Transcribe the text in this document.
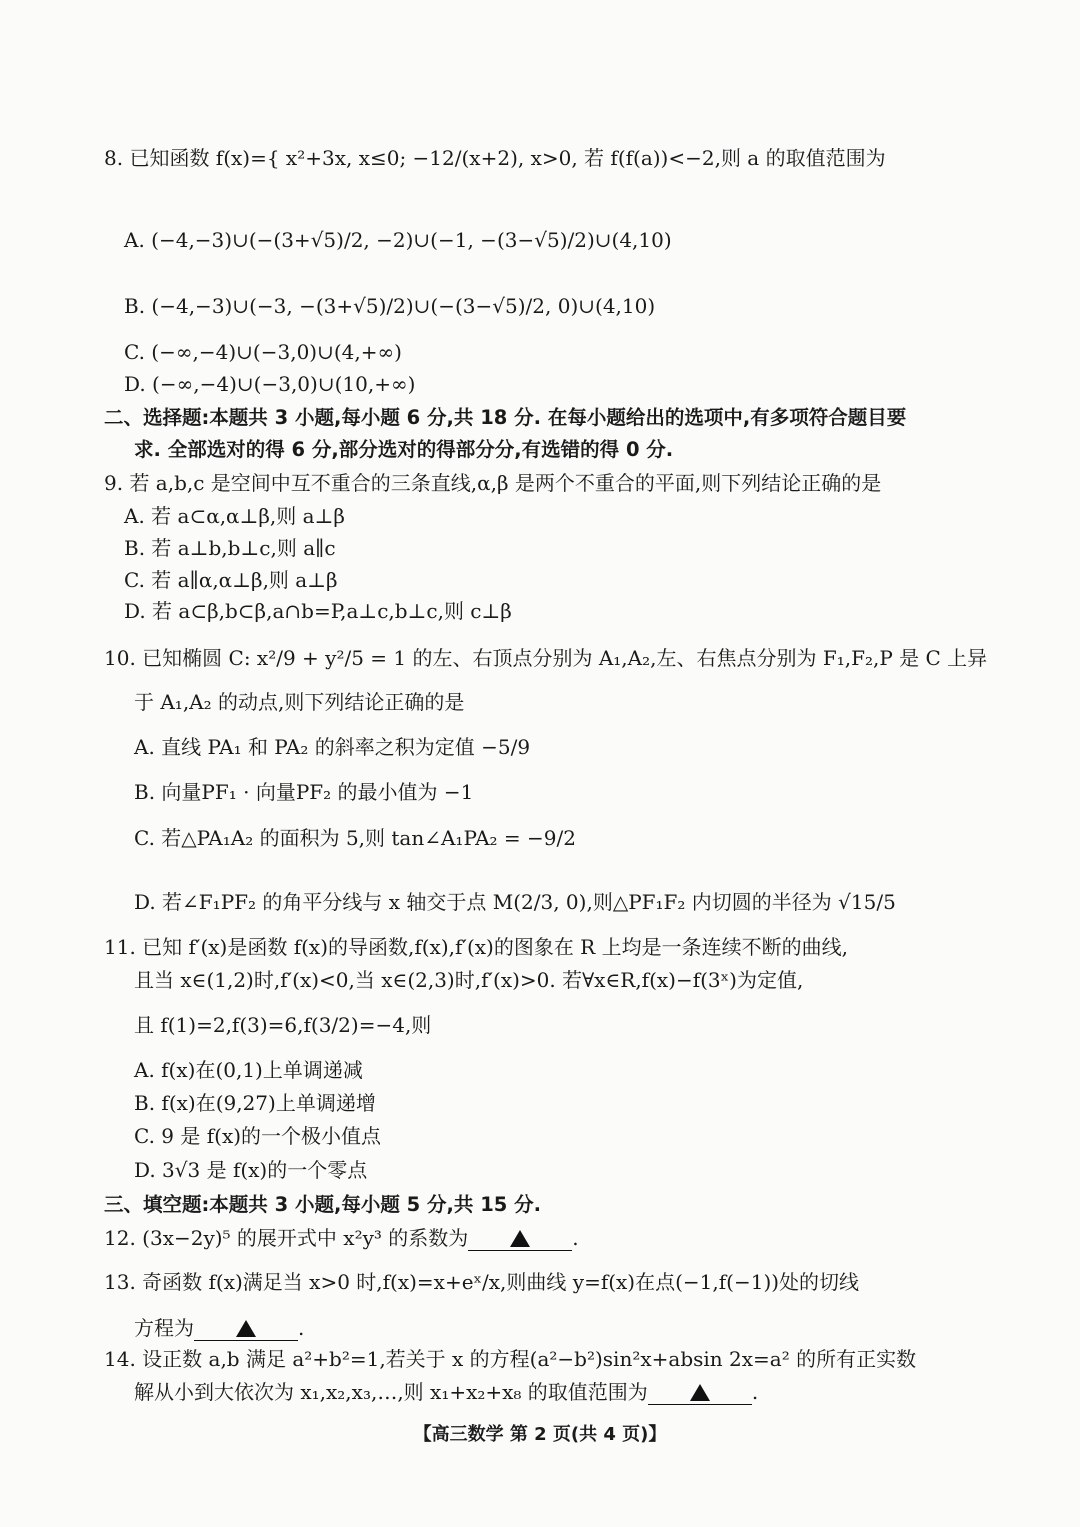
8. 已知函数 f(x)={ x²+3x, x≤0; −12/(x+2), x>0, 若 f(f(a))<−2,则 a 的取值范围为
A. (−4,−3)∪(−(3+√5)/2, −2)∪(−1, −(3−√5)/2)∪(4,10)
B. (−4,−3)∪(−3, −(3+√5)/2)∪(−(3−√5)/2, 0)∪(4,10)
C. (−∞,−4)∪(−3,0)∪(4,+∞)
D. (−∞,−4)∪(−3,0)∪(10,+∞)
二、选择题:本题共 3 小题,每小题 6 分,共 18 分. 在每小题给出的选项中,有多项符合题目要
求. 全部选对的得 6 分,部分选对的得部分分,有选错的得 0 分.
9. 若 a,b,c 是空间中互不重合的三条直线,α,β 是两个不重合的平面,则下列结论正确的是
A. 若 a⊂α,α⊥β,则 a⊥β
B. 若 a⊥b,b⊥c,则 a∥c
C. 若 a∥α,α⊥β,则 a⊥β
D. 若 a⊂β,b⊂β,a∩b=P,a⊥c,b⊥c,则 c⊥β
10. 已知椭圆 C: x²/9 + y²/5 = 1 的左、右顶点分别为 A₁,A₂,左、右焦点分别为 F₁,F₂,P 是 C 上异
于 A₁,A₂ 的动点,则下列结论正确的是
A. 直线 PA₁ 和 PA₂ 的斜率之积为定值 −5/9
B. 向量PF₁ · 向量PF₂ 的最小值为 −1
C. 若△PA₁A₂ 的面积为 5,则 tan∠A₁PA₂ = −9/2
D. 若∠F₁PF₂ 的角平分线与 x 轴交于点 M(2/3, 0),则△PF₁F₂ 内切圆的半径为 √15/5
11. 已知 f′(x)是函数 f(x)的导函数,f(x),f′(x)的图象在 R 上均是一条连续不断的曲线,
且当 x∈(1,2)时,f′(x)<0,当 x∈(2,3)时,f′(x)>0. 若∀x∈R,f(x)−f(3ˣ)为定值,
且 f(1)=2,f(3)=6,f(3/2)=−4,则
A. f(x)在(0,1)上单调递减
B. f(x)在(9,27)上单调递增
C. 9 是 f(x)的一个极小值点
D. 3√3 是 f(x)的一个零点
三、填空题:本题共 3 小题,每小题 5 分,共 15 分.
12. (3x−2y)⁵ 的展开式中 x²y³ 的系数为	.
13. 奇函数 f(x)满足当 x>0 时,f(x)=x+eˣ/x,则曲线 y=f(x)在点(−1,f(−1))处的切线
方程为	.
14. 设正数 a,b 满足 a²+b²=1,若关于 x 的方程(a²−b²)sin²x+absin 2x=a² 的所有正实数
解从小到大依次为 x₁,x₂,x₃,…,则 x₁+x₂+x₈ 的取值范围为	.
【高三数学 第 2 页(共 4 页)】
